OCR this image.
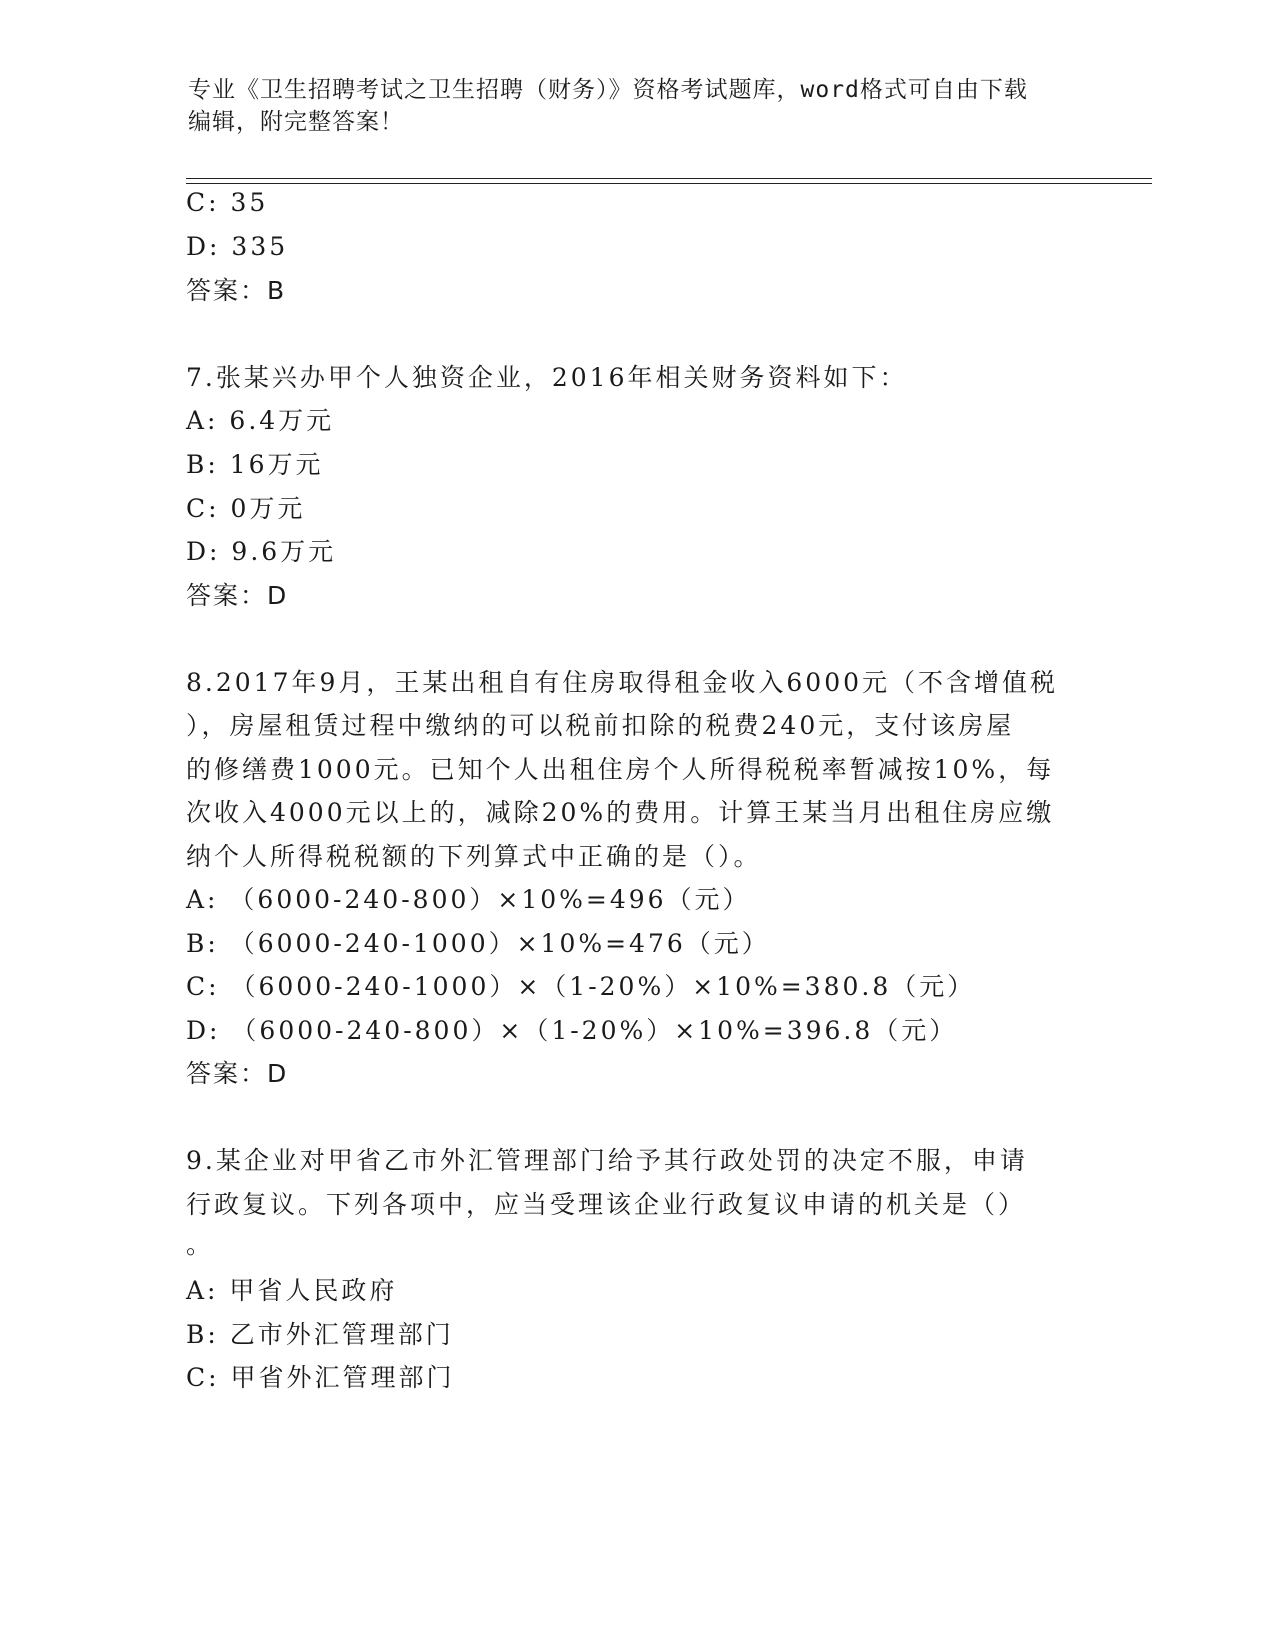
专业《卫生招聘考试之卫生招聘（财务）》资格考试题库，word格式可自由下载
编辑，附完整答案！
C: 35
D: 335
答案：B
7.张某兴办甲个人独资企业，2016年相关财务资料如下：
A: 6.4万元
B: 16万元
C: 0万元
D: 9.6万元
答案：D
8.2017年9月，王某出租自有住房取得租金收入6000元（不含增值税
），房屋租赁过程中缴纳的可以税前扣除的税费240元，支付该房屋
的修缮费1000元。已知个人出租住房个人所得税税率暂减按10%，每
次收入4000元以上的，减除20%的费用。计算王某当月出租住房应缴
纳个人所得税税额的下列算式中正确的是（）。
A: （6000-240-800）×10%=496（元）
B: （6000-240-1000）×10%=476（元）
C: （6000-240-1000）×（1-20%）×10%=380.8（元）
D: （6000-240-800）×（1-20%）×10%=396.8（元）
答案：D
9.某企业对甲省乙市外汇管理部门给予其行政处罚的决定不服，申请
行政复议。下列各项中，应当受理该企业行政复议申请的机关是（）
。
A: 甲省人民政府
B: 乙市外汇管理部门
C: 甲省外汇管理部门
